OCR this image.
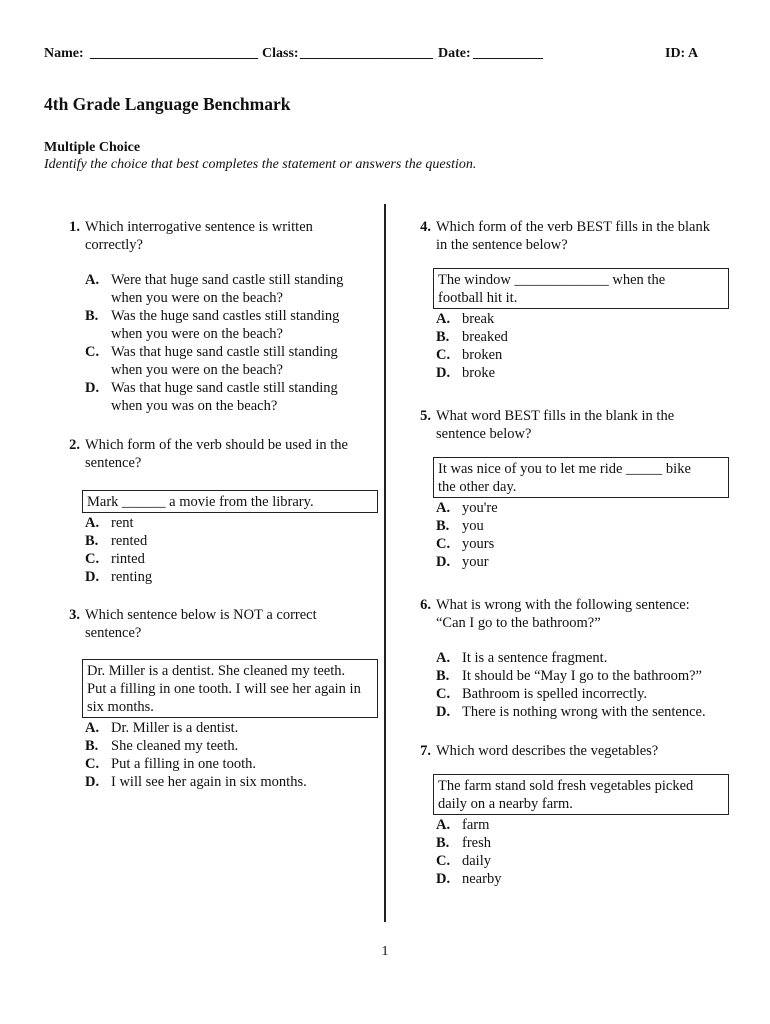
Name: ________________________ Class: ___________________ Date: __________	ID: A
4th Grade Language Benchmark
Multiple Choice
Identify the choice that best completes the statement or answers the question.
1. Which interrogative sentence is written
correctly?
A. Were that huge sand castle still standing
when you were on the beach?
B. Was the huge sand castles still standing
when you were on the beach?
C. Was that huge sand castle still standing
when you were on the beach?
D. Was that huge sand castle still standing
when you was on the beach?
2. Which form of the verb should be used in the
sentence?
Mark ______ a movie from the library.
A. rent
B. rented
C. rinted
D. renting
3. Which sentence below is NOT a correct
sentence?
Dr. Miller is a dentist. She cleaned my teeth.
Put a filling in one tooth. I will see her again in
six months.
A. Dr. Miller is a dentist.
B. She cleaned my teeth.
C. Put a filling in one tooth.
D. I will see her again in six months.
4. Which form of the verb BEST fills in the blank
in the sentence below?
The window _____________ when the
football hit it.
A. break
B. breaked
C. broken
D. broke
5. What word BEST fills in the blank in the
sentence below?
It was nice of you to let me ride _____ bike
the other day.
A. you're
B. you
C. yours
D. your
6. What is wrong with the following sentence:
“Can I go to the bathroom?”
A. It is a sentence fragment.
B. It should be “May I go to the bathroom?”
C. Bathroom is spelled incorrectly.
D. There is nothing wrong with the sentence.
7. Which word describes the vegetables?
The farm stand sold fresh vegetables picked
daily on a nearby farm.
A. farm
B. fresh
C. daily
D. nearby
1
